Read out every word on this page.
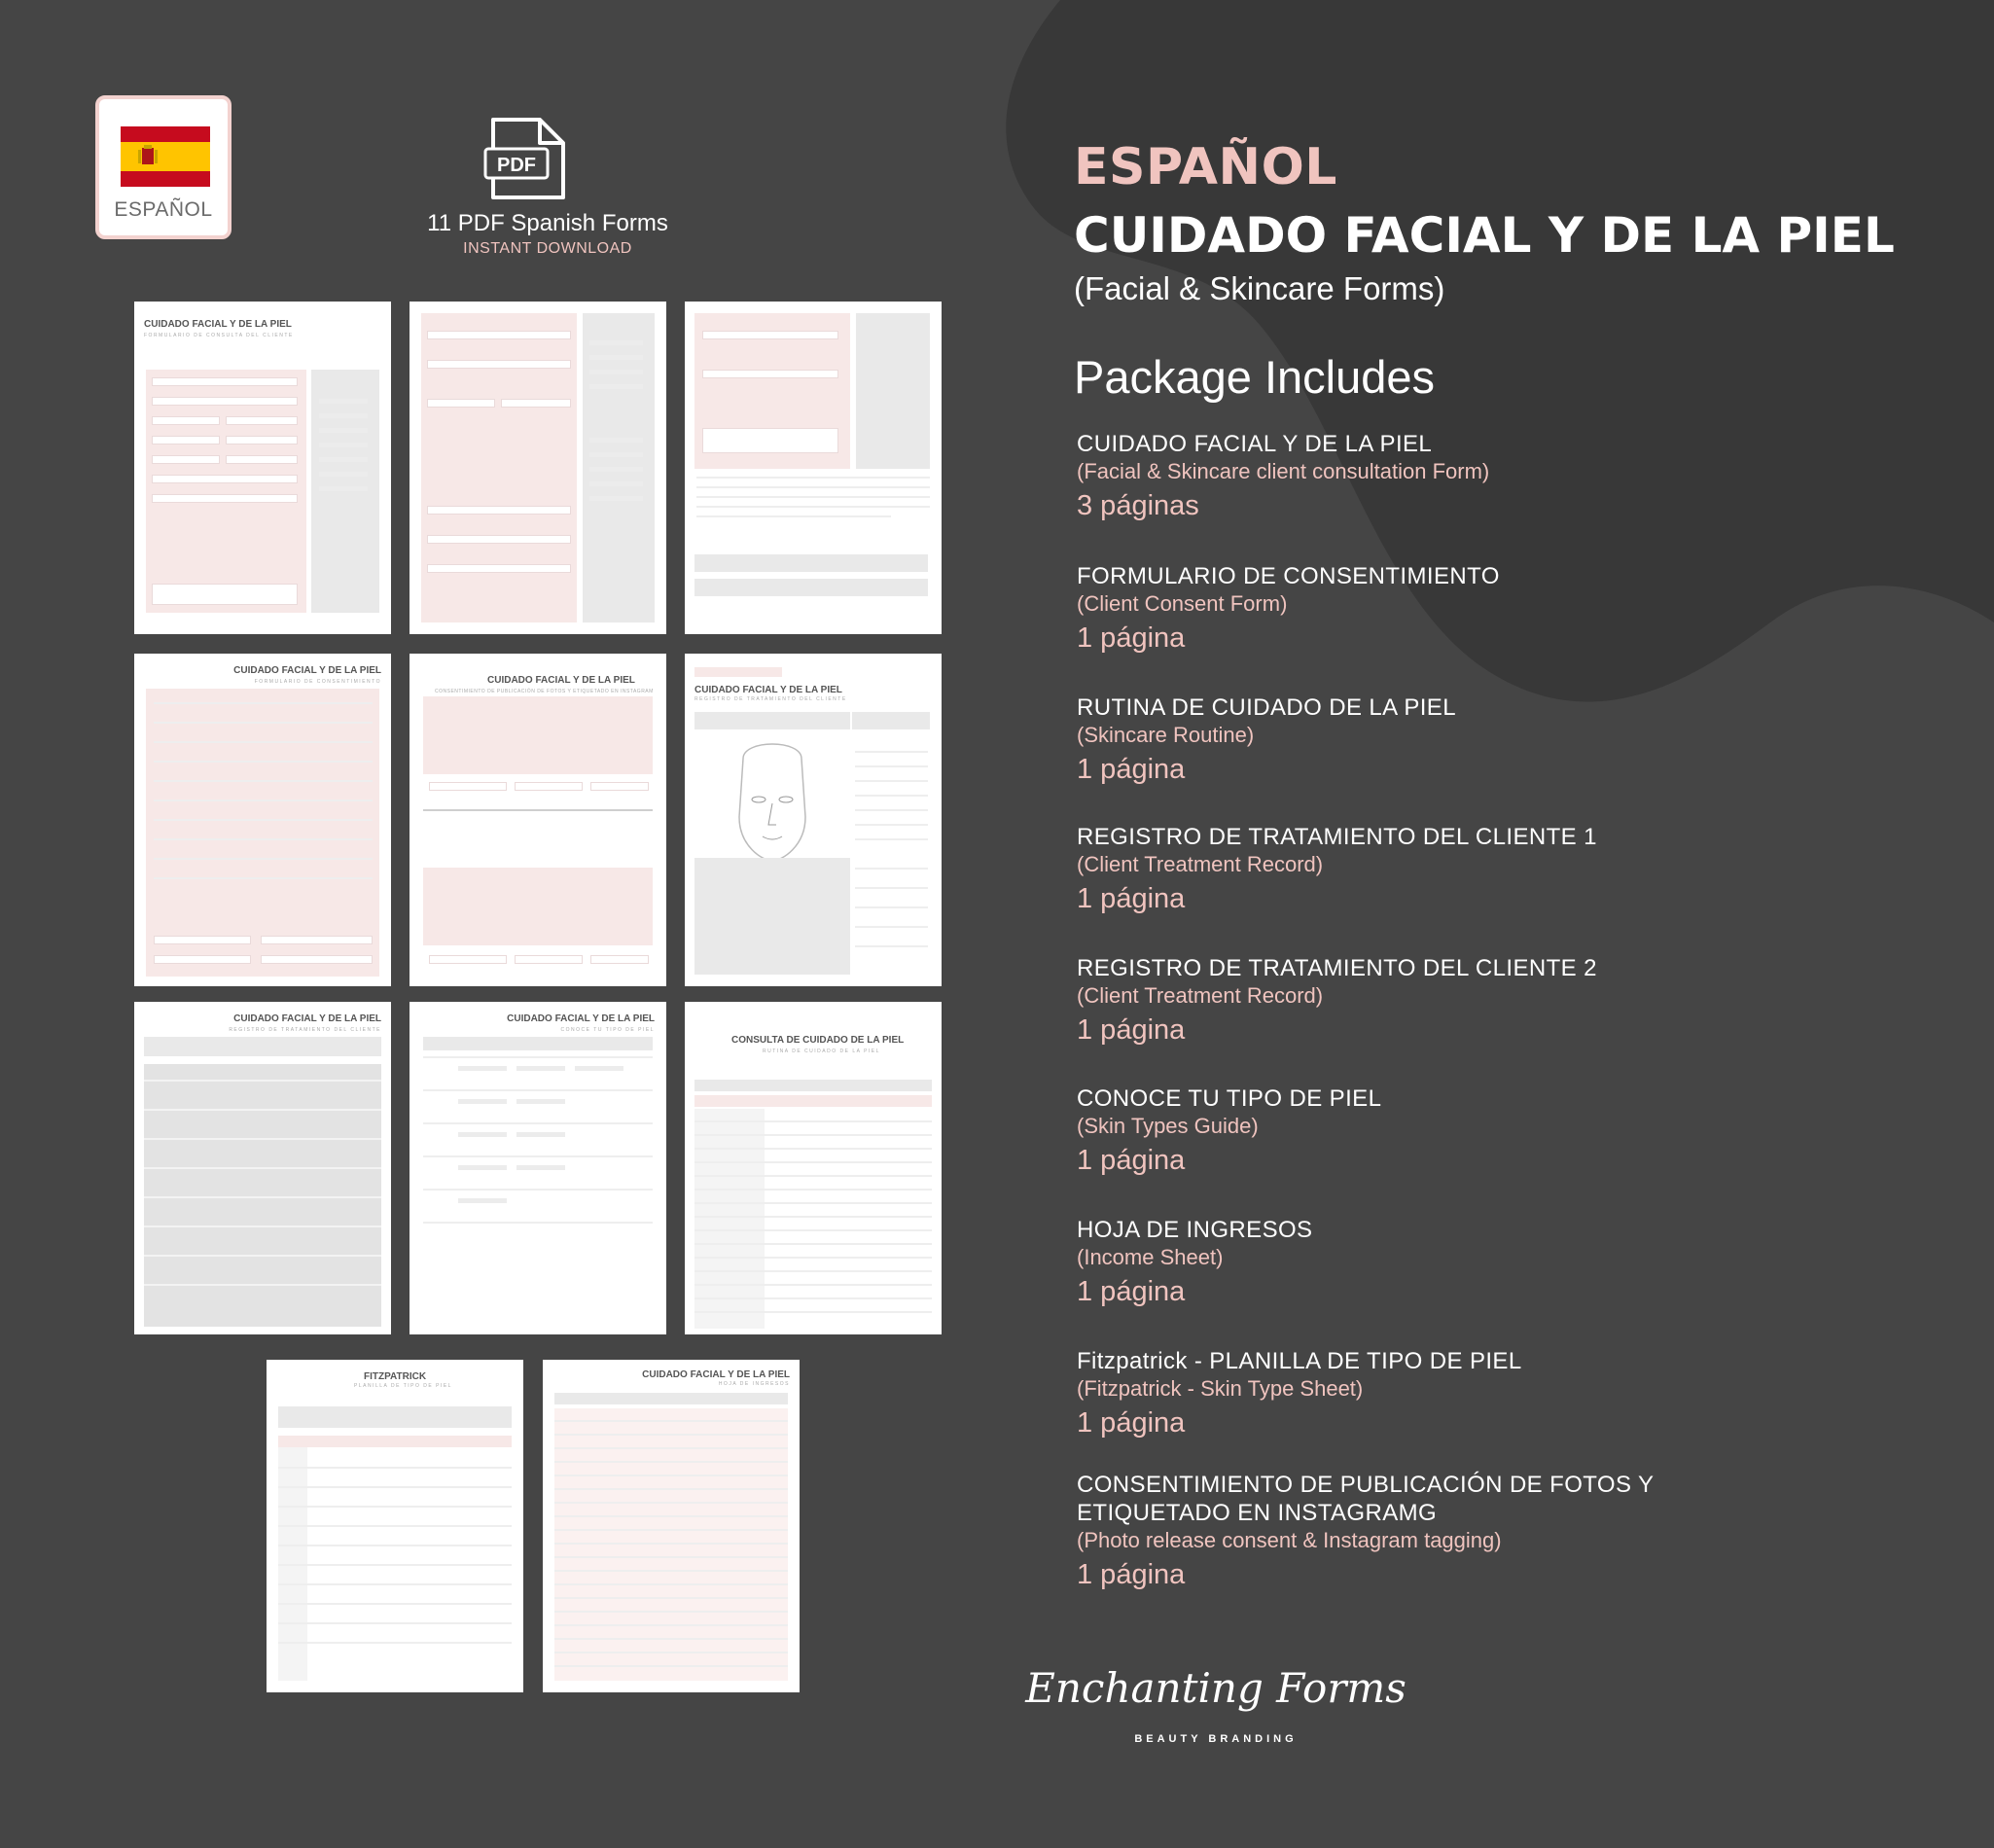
ESPAÑOL
PDF
11 PDF Spanish Forms
INSTANT DOWNLOAD
CUIDADO FACIAL Y DE LA PIEL
FORMULARIO DE CONSULTA DEL CLIENTE
CUIDADO FACIAL Y DE LA PIEL
FORMULARIO DE CONSENTIMIENTO	CUIDADO FACIAL Y DE LA PIEL
CONSENTIMIENTO DE PUBLICACIÓN DE FOTOS Y ETIQUETADO EN INSTAGRAM	CUIDADO FACIAL Y DE LA PIEL
REGISTRO DE TRATAMIENTO DEL CLIENTE
CUIDADO FACIAL Y DE LA PIEL
REGISTRO DE TRATAMIENTO DEL CLIENTE
CUIDADO FACIAL Y DE LA PIEL
CONOCE TU TIPO DE PIEL
CONSULTA DE CUIDADO DE LA PIEL
RUTINA DE CUIDADO DE LA PIEL
FITZPATRICK
PLANILLA DE TIPO DE PIEL
CUIDADO FACIAL Y DE LA PIEL
HOJA DE INGRESOS
ESPAÑOL
CUIDADO FACIAL Y DE LA PIEL
(Facial & Skincare Forms)
Package Includes
CUIDADO FACIAL Y DE LA PIEL
(Facial & Skincare client consultation Form)
3 páginas
FORMULARIO DE CONSENTIMIENTO
(Client Consent Form)
1 página
RUTINA DE CUIDADO DE LA PIEL
(Skincare Routine)
1 página
REGISTRO DE TRATAMIENTO DEL CLIENTE 1
(Client Treatment Record)
1 página
REGISTRO DE TRATAMIENTO DEL CLIENTE 2
(Client Treatment Record)
1 página
CONOCE TU TIPO DE PIEL
(Skin Types Guide)
1 página
HOJA DE INGRESOS
(Income Sheet)
1 página
Fitzpatrick - PLANILLA DE TIPO DE PIEL
(Fitzpatrick - Skin Type Sheet)
1 página
CONSENTIMIENTO DE PUBLICACIÓN DE FOTOS Y ETIQUETADO EN INSTAGRAMG
(Photo release consent & Instagram tagging)
1 página
Enchanting Forms
BEAUTY BRANDING
